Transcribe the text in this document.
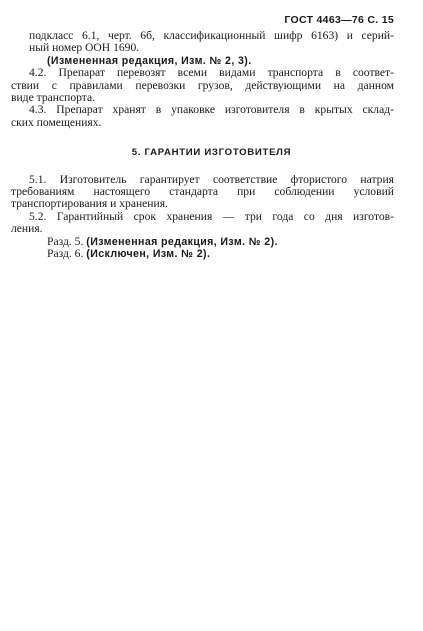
ГОСТ 4463—76 С. 15

подкласс 6.1, черт. 6б, классификационный шифр 6163) и серий-
ный номер ООН 1690.

(Измененная редакция, Изм. № 2, 3).

4.2. Препарат перевозят всеми видами транспорта в соответ-
ствии с правилами перевозки грузов, действующими на данном
виде транспорта.

4.3. Препарат хранят в упаковке изготовителя в крытых склад-
ских помещениях.

5. ГАРАНТИИ ИЗГОТОВИТЕЛЯ

5.1. Изготовитель гарантирует соответствие фтористого натрия
требованиям настоящего стандарта при соблюдении условий
транспортирования и хранения.

5.2. Гарантийный срок хранения — три года со дня изготов-
ления.

Разд. 5. (Измененная редакция, Изм. № 2).

Разд. 6. (Исключен, Изм. № 2).
